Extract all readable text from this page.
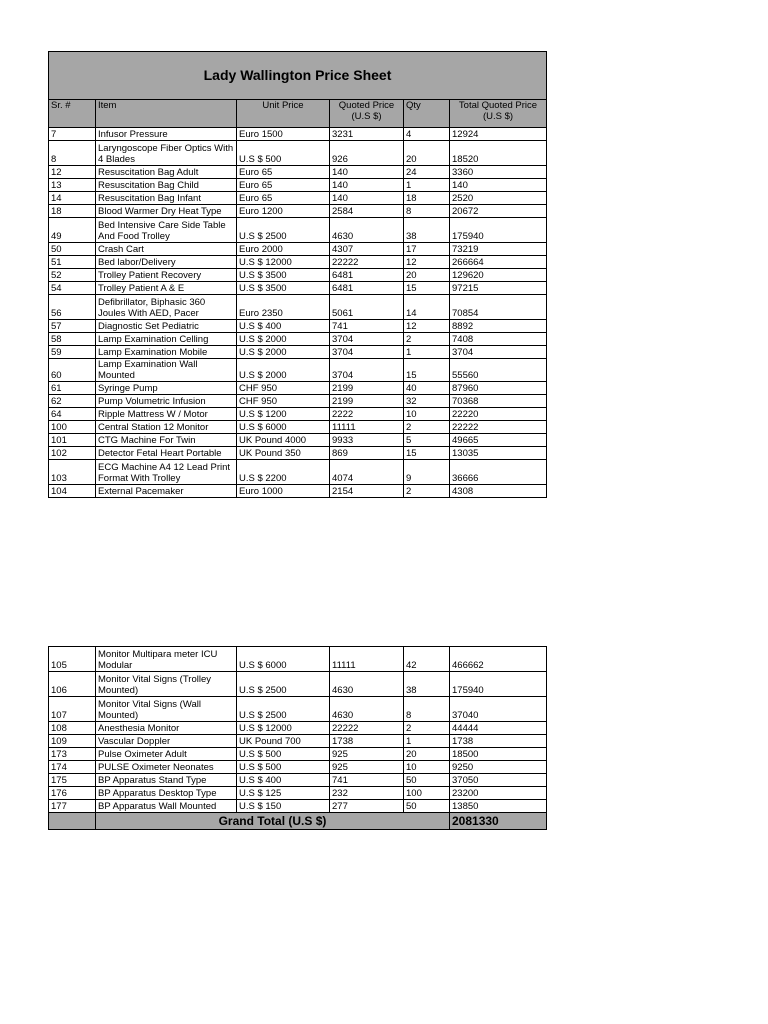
Lady Wallington Price Sheet					
Sr. #	Item	Unit Price	Quoted Price (U.S $)	Qty	Total Quoted Price (U.S $)
7	Infusor Pressure	Euro 1500	3231	4	12924
8	Laryngoscope Fiber Optics With 4 Blades	U.S $ 500	926	20	18520
12	Resuscitation Bag Adult	Euro 65	140	24	3360
13	Resuscitation Bag Child	Euro 65	140	1	140
14	Resuscitation Bag Infant	Euro 65	140	18	2520
18	Blood Warmer Dry Heat Type	Euro 1200	2584	8	20672
49	Bed Intensive Care Side Table And Food Trolley	U.S $ 2500	4630	38	175940
50	Crash Cart	Euro 2000	4307	17	73219
51	Bed labor/Delivery	U.S $ 12000	22222	12	266664
52	Trolley Patient Recovery	U.S $ 3500	6481	20	129620
54	Trolley Patient A & E	U.S $ 3500	6481	15	97215
56	Defibrillator, Biphasic 360 Joules With AED, Pacer	Euro 2350	5061	14	70854
57	Diagnostic Set Pediatric	U.S $ 400	741	12	8892
58	Lamp Examination Celling	U.S $ 2000	3704	2	7408
59	Lamp Examination Mobile	U.S $ 2000	3704	1	3704
60	Lamp Examination Wall Mounted	U.S $ 2000	3704	15	55560
61	Syringe Pump	CHF 950	2199	40	87960
62	Pump Volumetric Infusion	CHF 950	2199	32	70368
64	Ripple Mattress W / Motor	U.S $ 1200	2222	10	22220
100	Central Station 12 Monitor	U.S $ 6000	11111	2	22222
101	CTG Machine For Twin	UK Pound 4000	9933	5	49665
102	Detector Fetal Heart Portable	UK Pound 350	869	15	13035
103	ECG Machine A4 12 Lead Print Format With Trolley	U.S $ 2200	4074	9	36666
104	External Pacemaker	Euro 1000	2154	2	4308
105	Monitor Multipara meter ICU Modular	U.S $ 6000	11111	42	466662
106	Monitor Vital Signs (Trolley Mounted)	U.S $ 2500	4630	38	175940
107	Monitor Vital Signs (Wall Mounted)	U.S $ 2500	4630	8	37040
108	Anesthesia Monitor	U.S $ 12000	22222	2	44444
109	Vascular Doppler	UK Pound 700	1738	1	1738
173	Pulse Oximeter Adult	U.S $ 500	925	20	18500
174	PULSE Oximeter Neonates	U.S $ 500	925	10	9250
175	BP Apparatus Stand Type	U.S $ 400	741	50	37050
176	BP Apparatus Desktop Type	U.S $ 125	232	100	23200
177	BP Apparatus Wall Mounted	U.S $ 150	277	50	13850
	Grand Total (U.S $)				2081330
